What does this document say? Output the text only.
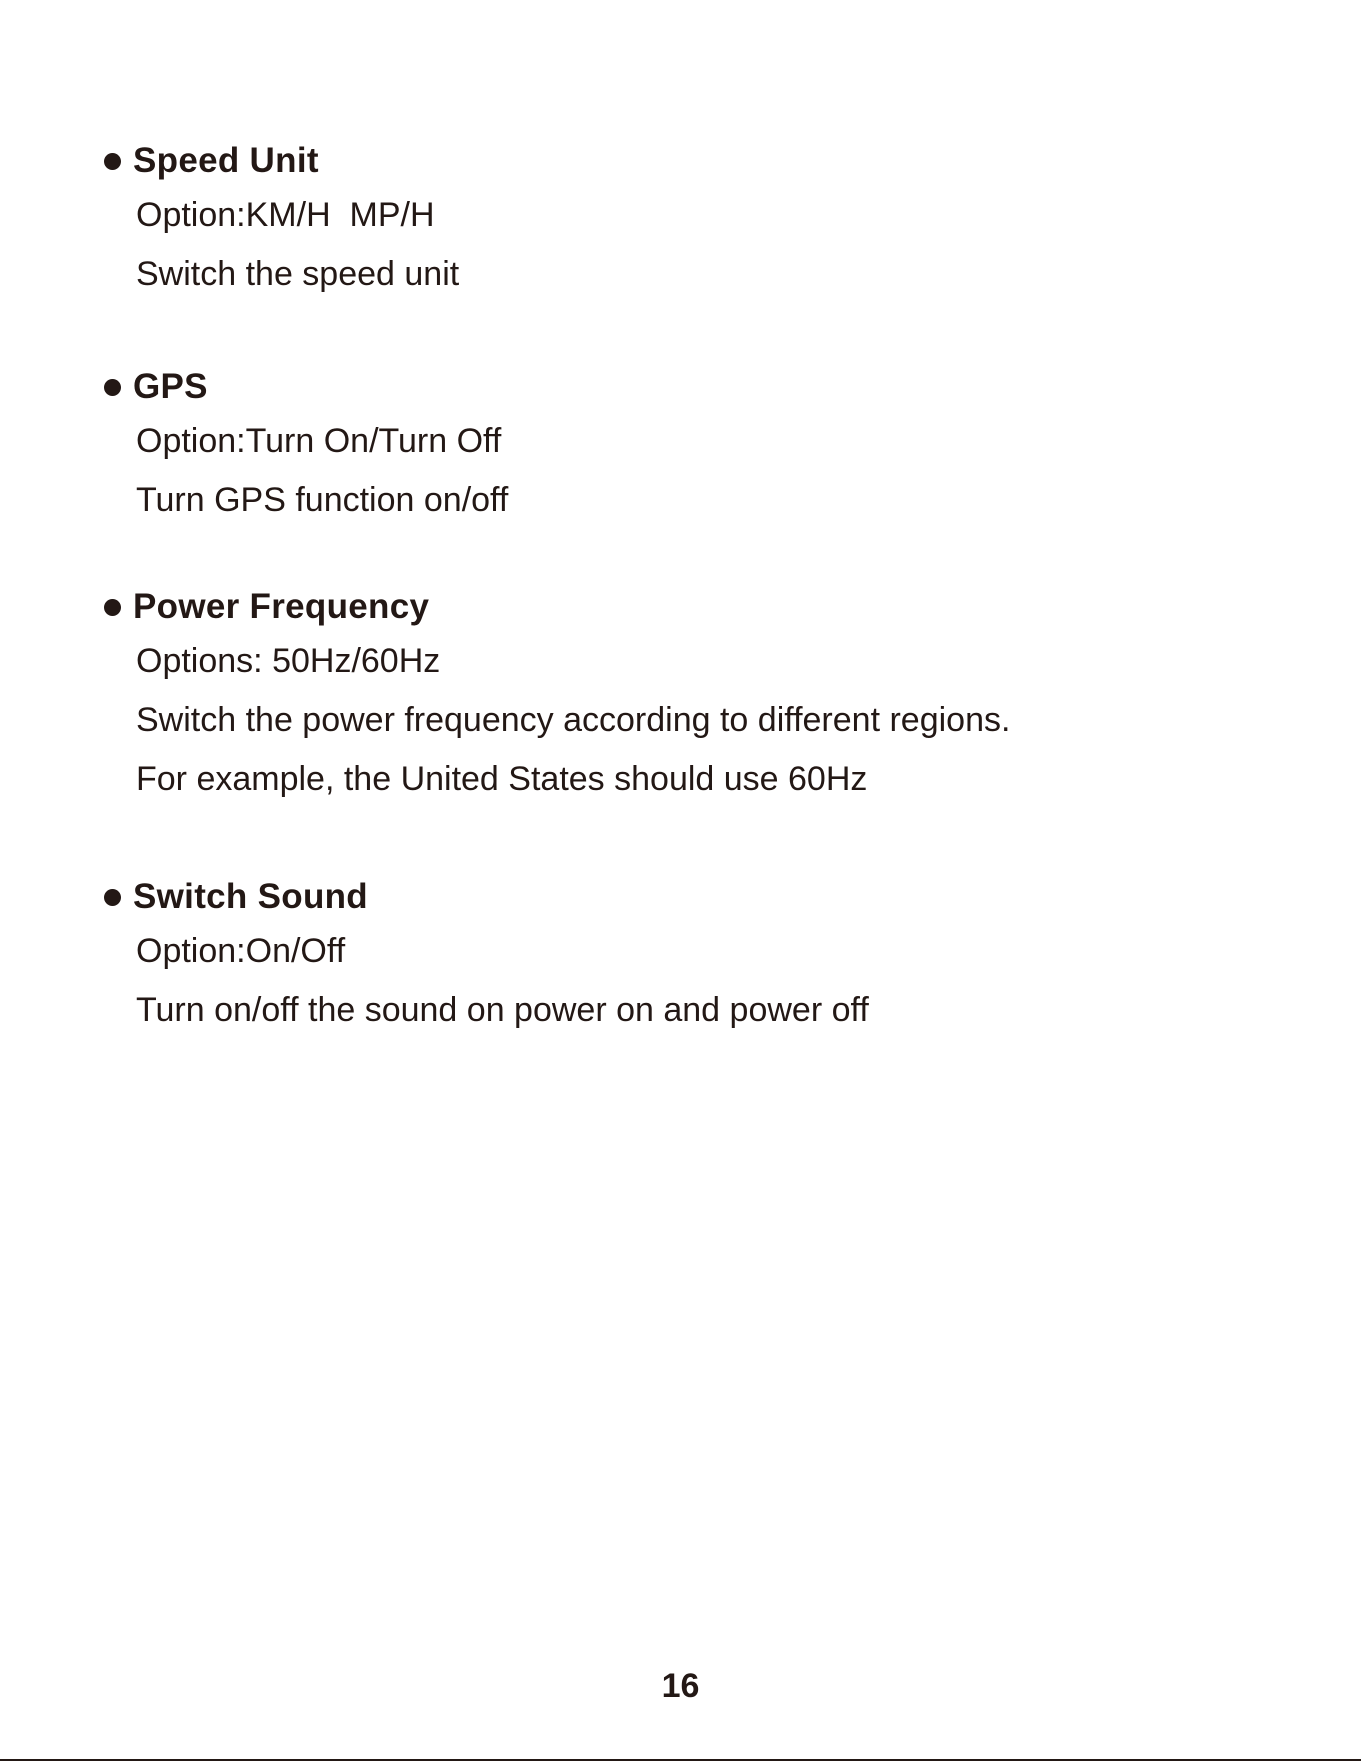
Speed Unit
Option:KM/H  MP/H
Switch the speed unit
GPS
Option:Turn On/Turn Off
Turn GPS function on/off
Power Frequency
Options: 50Hz/60Hz
Switch the power frequency according to different regions.
For example, the United States should use 60Hz
Switch Sound
Option:On/Off
Turn on/off the sound on power on and power off
16
